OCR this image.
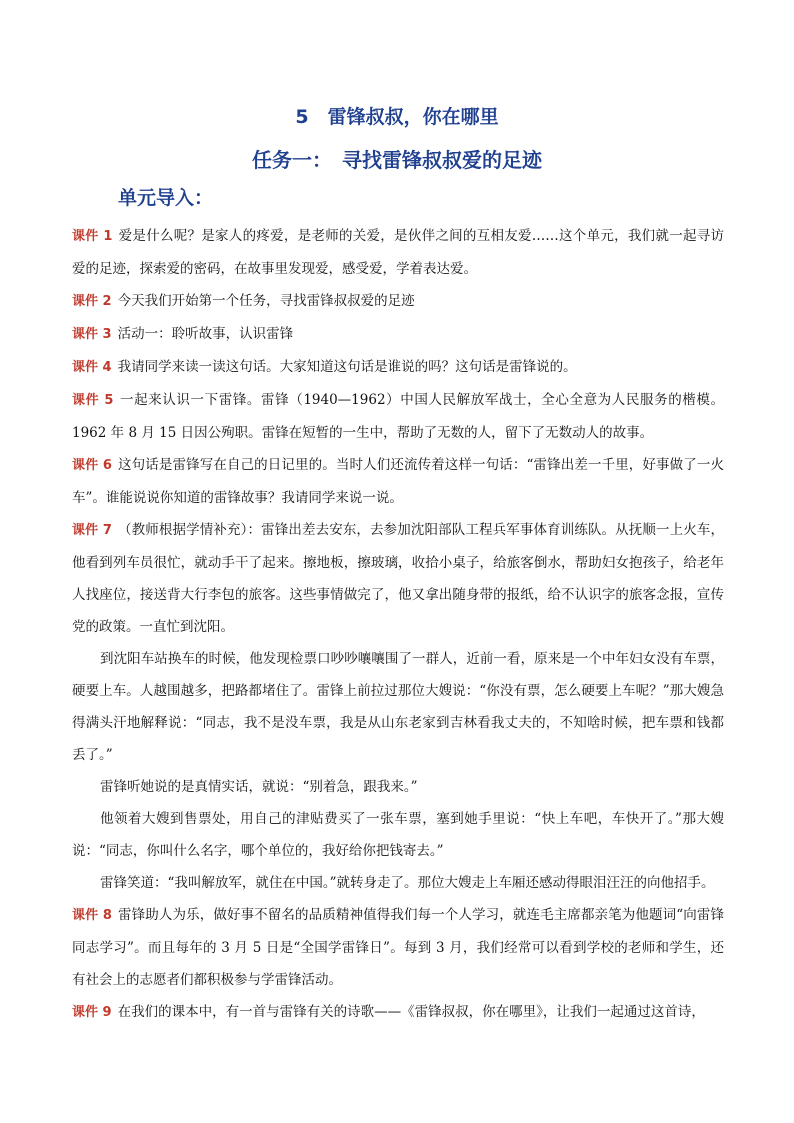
5　雷锋叔叔，你在哪里
任务一：　寻找雷锋叔叔爱的足迹
单元导入：

课件 1 爱是什么呢？是家人的疼爱，是老师的关爱，是伙伴之间的互相友爱……这个单元，我们就一起寻访爱的足迹，探索爱的密码，在故事里发现爱，感受爱，学着表达爱。

课件 2 今天我们开始第一个任务，寻找雷锋叔叔爱的足迹

课件 3 活动一：聆听故事，认识雷锋

课件 4 我请同学来读一读这句话。大家知道这句话是谁说的吗？这句话是雷锋说的。

课件 5 一起来认识一下雷锋。雷锋（1940—1962）中国人民解放军战士，全心全意为人民服务的楷模。1962 年 8 月 15 日因公殉职。雷锋在短暂的一生中，帮助了无数的人，留下了无数动人的故事。

课件 6 这句话是雷锋写在自己的日记里的。当时人们还流传着这样一句话：“雷锋出差一千里，好事做了一火车”。谁能说说你知道的雷锋故事？我请同学来说一说。

课件 7 （教师根据学情补充）：雷锋出差去安东，去参加沈阳部队工程兵军事体育训练队。从抚顺一上火车，他看到列车员很忙，就动手干了起来。擦地板，擦玻璃，收拾小桌子，给旅客倒水，帮助妇女抱孩子，给老年人找座位，接送背大行李包的旅客。这些事情做完了，他又拿出随身带的报纸，给不认识字的旅客念报，宣传党的政策。一直忙到沈阳。

到沈阳车站换车的时候，他发现检票口吵吵嚷嚷围了一群人，近前一看，原来是一个中年妇女没有车票，硬要上车。人越围越多，把路都堵住了。雷锋上前拉过那位大嫂说：“你没有票，怎么硬要上车呢？”那大嫂急得满头汗地解释说：“同志，我不是没车票，我是从山东老家到吉林看我丈夫的，不知啥时候，把车票和钱都丢了。”

雷锋听她说的是真情实话，就说：“别着急，跟我来。”

他领着大嫂到售票处，用自己的津贴费买了一张车票，塞到她手里说：“快上车吧，车快开了。”那大嫂说：“同志，你叫什么名字，哪个单位的，我好给你把钱寄去。”

雷锋笑道：“我叫解放军，就住在中国。”就转身走了。那位大嫂走上车厢还感动得眼泪汪汪的向他招手。

课件 8 雷锋助人为乐，做好事不留名的品质精神值得我们每一个人学习，就连毛主席都亲笔为他题词“向雷锋同志学习”。而且每年的 3 月 5 日是“全国学雷锋日”。每到 3 月，我们经常可以看到学校的老师和学生，还有社会上的志愿者们都积极参与学雷锋活动。

课件 9 在我们的课本中，有一首与雷锋有关的诗歌——《雷锋叔叔，你在哪里》，让我们一起通过这首诗，
